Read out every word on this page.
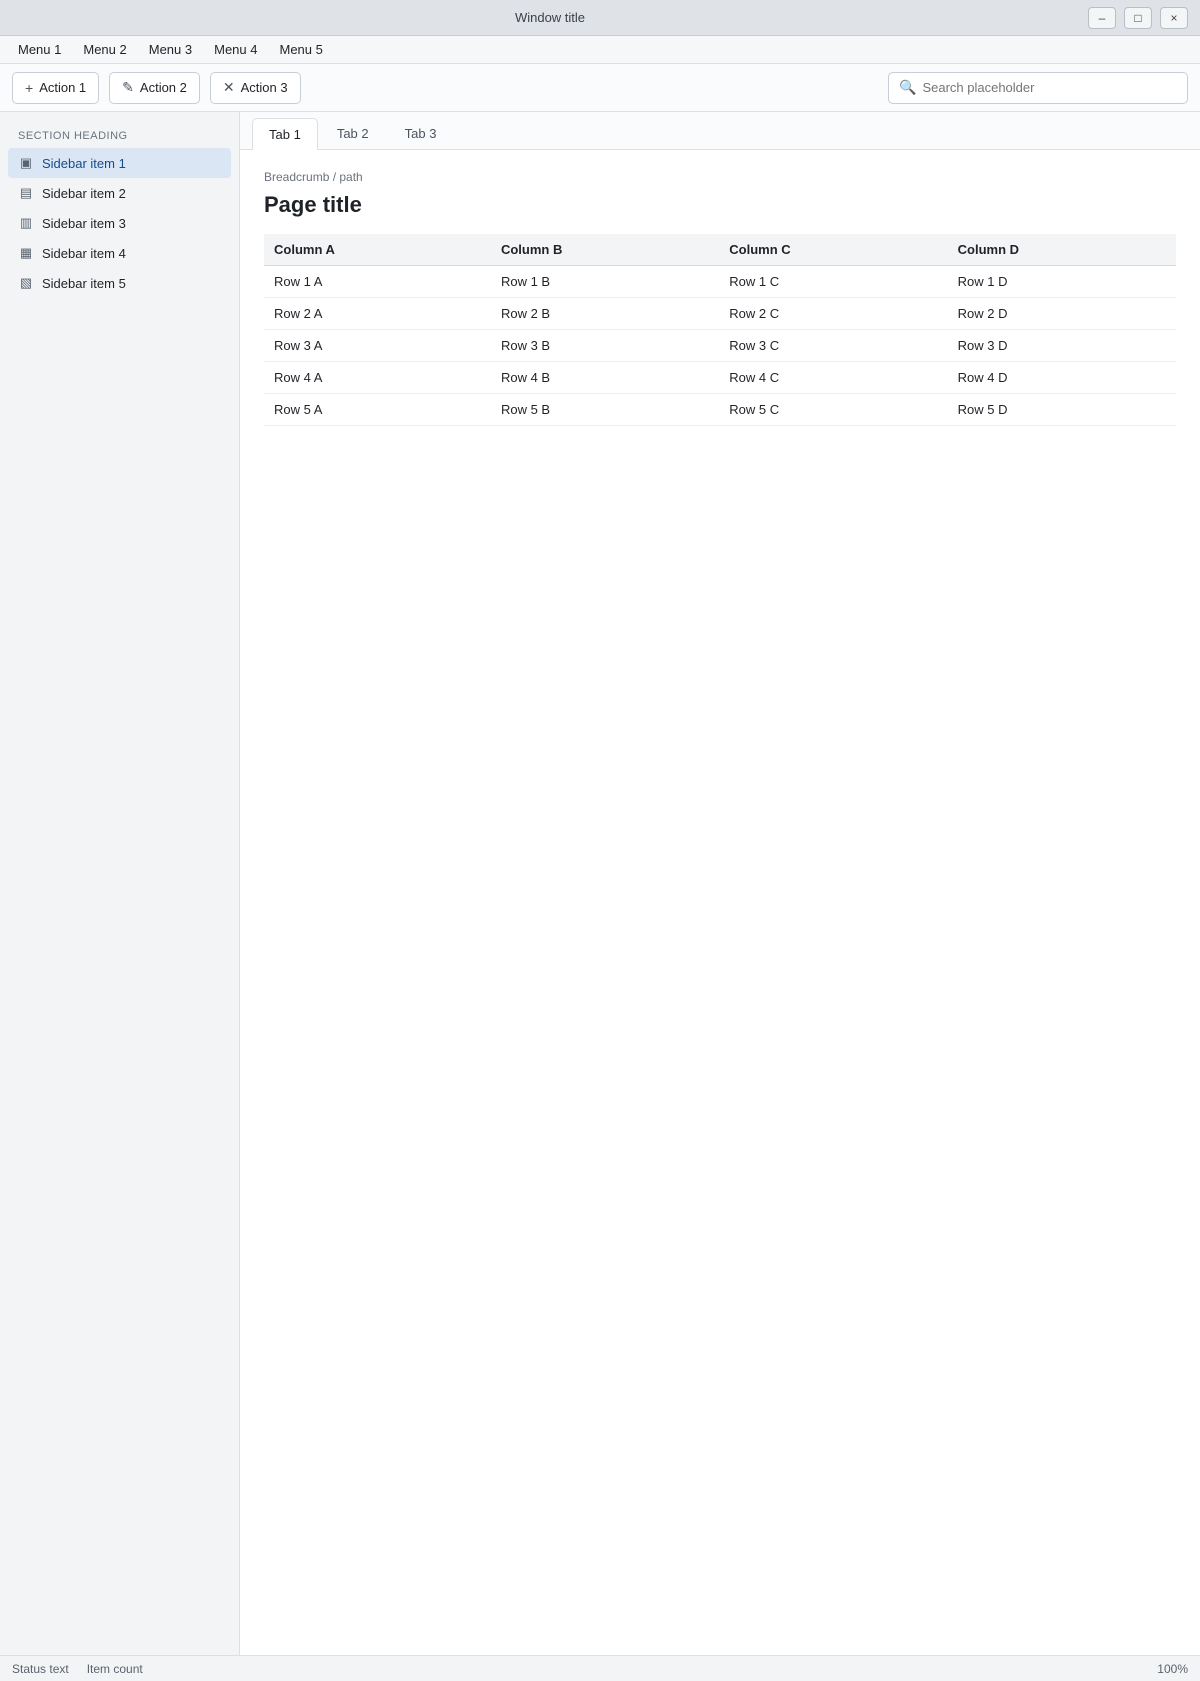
Window title	–	□	×
Menu 1	Menu 2	Menu 3	Menu 4	Menu 5
+ Action 1	✎ Action 2	✕ Action 3	🔍
Search placeholder
SECTION HEADING
▣ Sidebar item 1
▤ Sidebar item 2
▥ Sidebar item 3
▦ Sidebar item 4
▧ Sidebar item 5
Tab 1	Tab 2	Tab 3
Breadcrumb / path
Page title
Column A	Column B	Column C	Column D
Row 1 A	Row 1 B	Row 1 C	Row 1 D
Row 2 A	Row 2 B	Row 2 C	Row 2 D
Row 3 A	Row 3 B	Row 3 C	Row 3 D
Row 4 A	Row 4 B	Row 4 C	Row 4 D
Row 5 A	Row 5 B	Row 5 C	Row 5 D
Status text Item count	100%
